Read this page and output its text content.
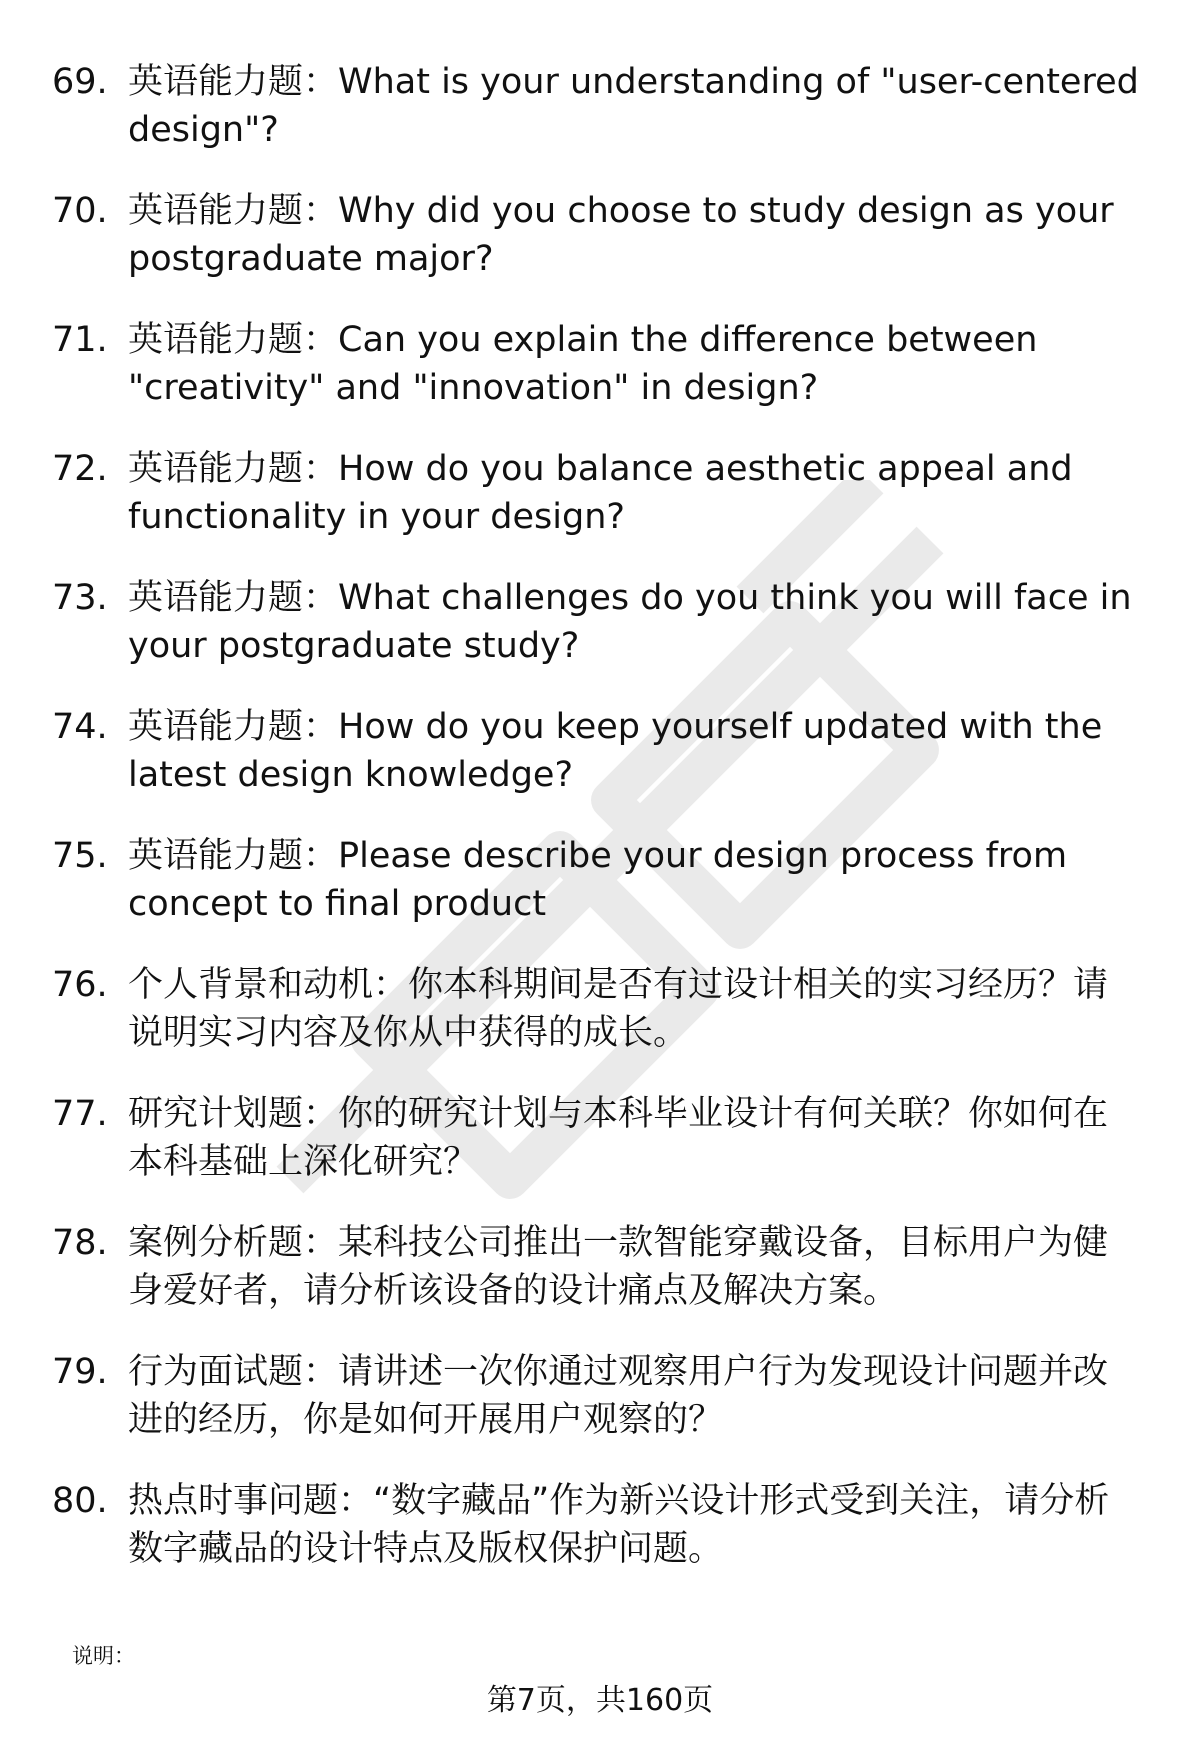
69. 英语能力题：What is your understanding of "user-centered design"?
70. 英语能力题：Why did you choose to study design as your postgraduate major?
71. 英语能力题：Can you explain the difference between "creativity" and "innovation" in design?
72. 英语能力题：How do you balance aesthetic appeal and functionality in your design?
73. 英语能力题：What challenges do you think you will face in your postgraduate study?
74. 英语能力题：How do you keep yourself updated with the latest design knowledge?
75. 英语能力题：Please describe your design process from concept to final product
76. 个人背景和动机：你本科期间是否有过设计相关的实习经历？请说明实习内容及你从中获得的成长。
77. 研究计划题：你的研究计划与本科毕业设计有何关联？你如何在本科基础上深化研究？
78. 案例分析题：某科技公司推出一款智能穿戴设备，目标用户为健身爱好者，请分析该设备的设计痛点及解决方案。
79. 行为面试题：请讲述一次你通过观察用户行为发现设计问题并改进的经历，你是如何开展用户观察的？
80. 热点时事问题：“数字藏品”作为新兴设计形式受到关注，请分析数字藏品的设计特点及版权保护问题。
说明：
第7页，共160页
